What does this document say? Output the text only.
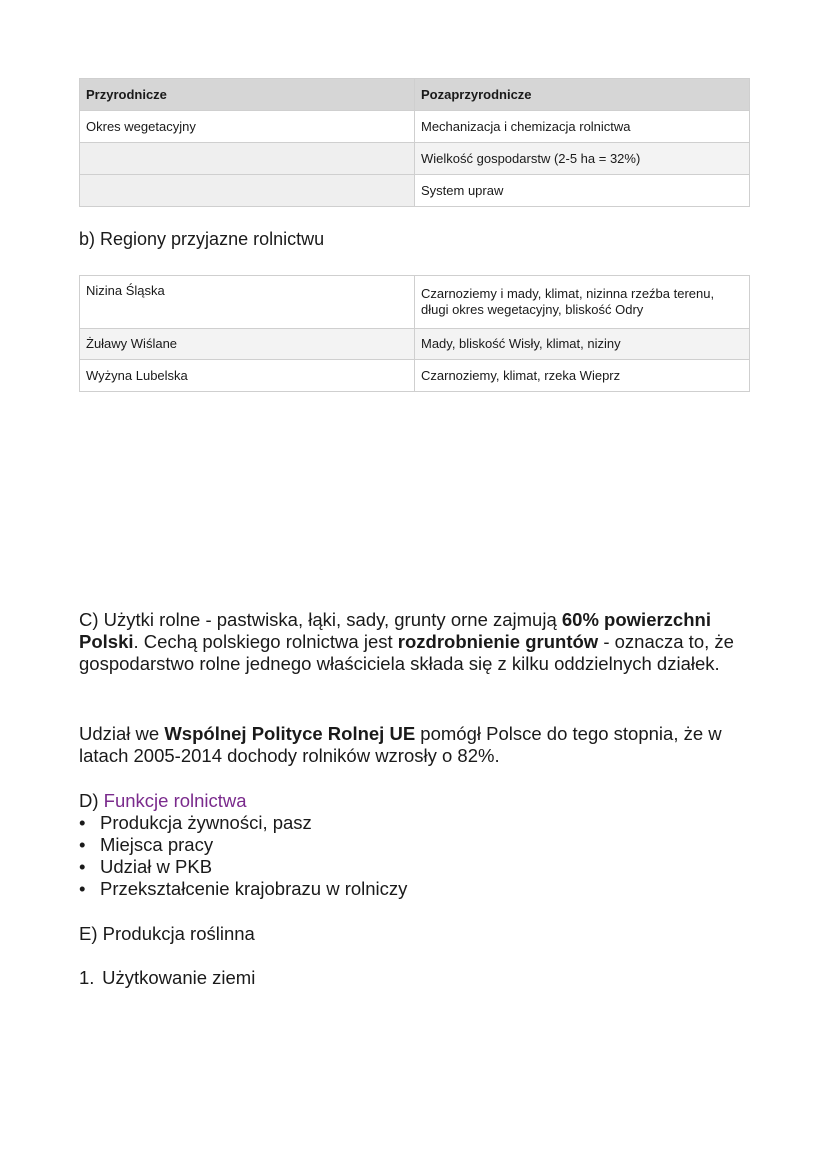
Przyrodnicze	Pozaprzyrodnicze
Okres wegetacyjny	Mechanizacja i chemizacja rolnictwa
	Wielkość gospodarstw (2-5 ha = 32%)
	System upraw

b) Regiony przyjazne rolnictwu

Nizina Śląska	Czarnoziemy i mady, klimat, nizinna rzeźba terenu, długi okres wegetacyjny, bliskość Odry
Żuławy Wiślane	Mady, bliskość Wisły, klimat, niziny
Wyżyna Lubelska	Czarnoziemy, klimat, rzeka Wieprz

C) Użytki rolne - pastwiska, łąki, sady, grunty orne zajmują 60% powierzchni Polski. Cechą polskiego rolnictwa jest rozdrobnienie gruntów - oznacza to, że gospodarstwo rolne jednego właściciela składa się z kilku oddzielnych działek.

Udział we Wspólnej Polityce Rolnej UE pomógł Polsce do tego stopnia, że w latach 2005-2014 dochody rolników wzrosły o 82%.

D) Funkcje rolnictwa

• Produkcja żywności, pasz
• Miejsca pracy
• Udział w PKB
• Przekształcenie krajobrazu w rolniczy

E) Produkcja roślinna

1. Użytkowanie ziemi
